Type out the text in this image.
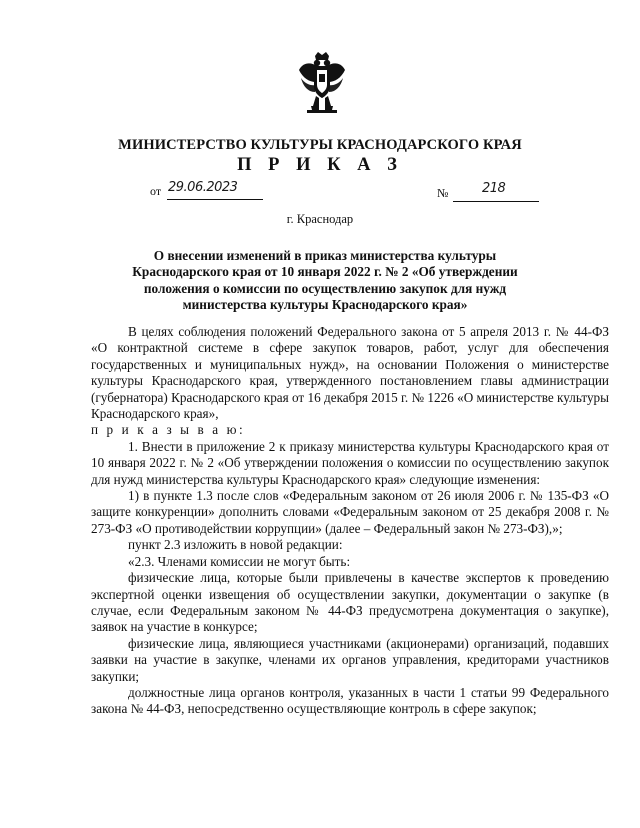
МИНИСТЕРСТВО КУЛЬТУРЫ КРАСНОДАРСКОГО КРАЯ
П Р И К А З
от 29.06.2023	№	218
г. Краснодар
О внесении изменений в приказ министерства культуры Краснодарского края от 10 января 2022 г. № 2 «Об утверждении положения о комиссии по осуществлению закупок для нужд министерства культуры Краснодарского края»

В целях соблюдения положений Федерального закона от 5 апреля 2013 г. № 44-ФЗ «О контрактной системе в сфере закупок товаров, работ, услуг для обеспечения государственных и муниципальных нужд», на основании Положения о министерстве культуры Краснодарского края, утвержденного постановлением главы администрации (губернатора) Краснодарского края от 16 декабря 2015 г. № 1226 «О министерстве культуры Краснодарского края»,

п р и к а з ы в а ю:

1. Внести в приложение 2 к приказу министерства культуры Краснодарского края от 10 января 2022 г. № 2 «Об утверждении положения о комиссии по осуществлению закупок для нужд министерства культуры Краснодарского края» следующие изменения:

1) в пункте 1.3 после слов «Федеральным законом от 26 июля 2006 г. № 135-ФЗ «О защите конкуренции» дополнить словами «Федеральным законом от 25 декабря 2008 г. № 273-ФЗ «О противодействии коррупции» (далее – Федеральный закон № 273-ФЗ),»;

пункт 2.3 изложить в новой редакции:

«2.3. Членами комиссии не могут быть:

физические лица, которые были привлечены в качестве экспертов к проведению экспертной оценки извещения об осуществлении закупки, документации о закупке (в случае, если Федеральным законом № 44-ФЗ предусмотрена документация о закупке), заявок на участие в конкурсе;

физические лица, являющиеся участниками (акционерами) организаций, подавших заявки на участие в закупке, членами их органов управления, кредиторами участников закупки;

должностные лица органов контроля, указанных в части 1 статьи 99 Федерального закона № 44-ФЗ, непосредственно осуществляющие контроль в сфере закупок;
